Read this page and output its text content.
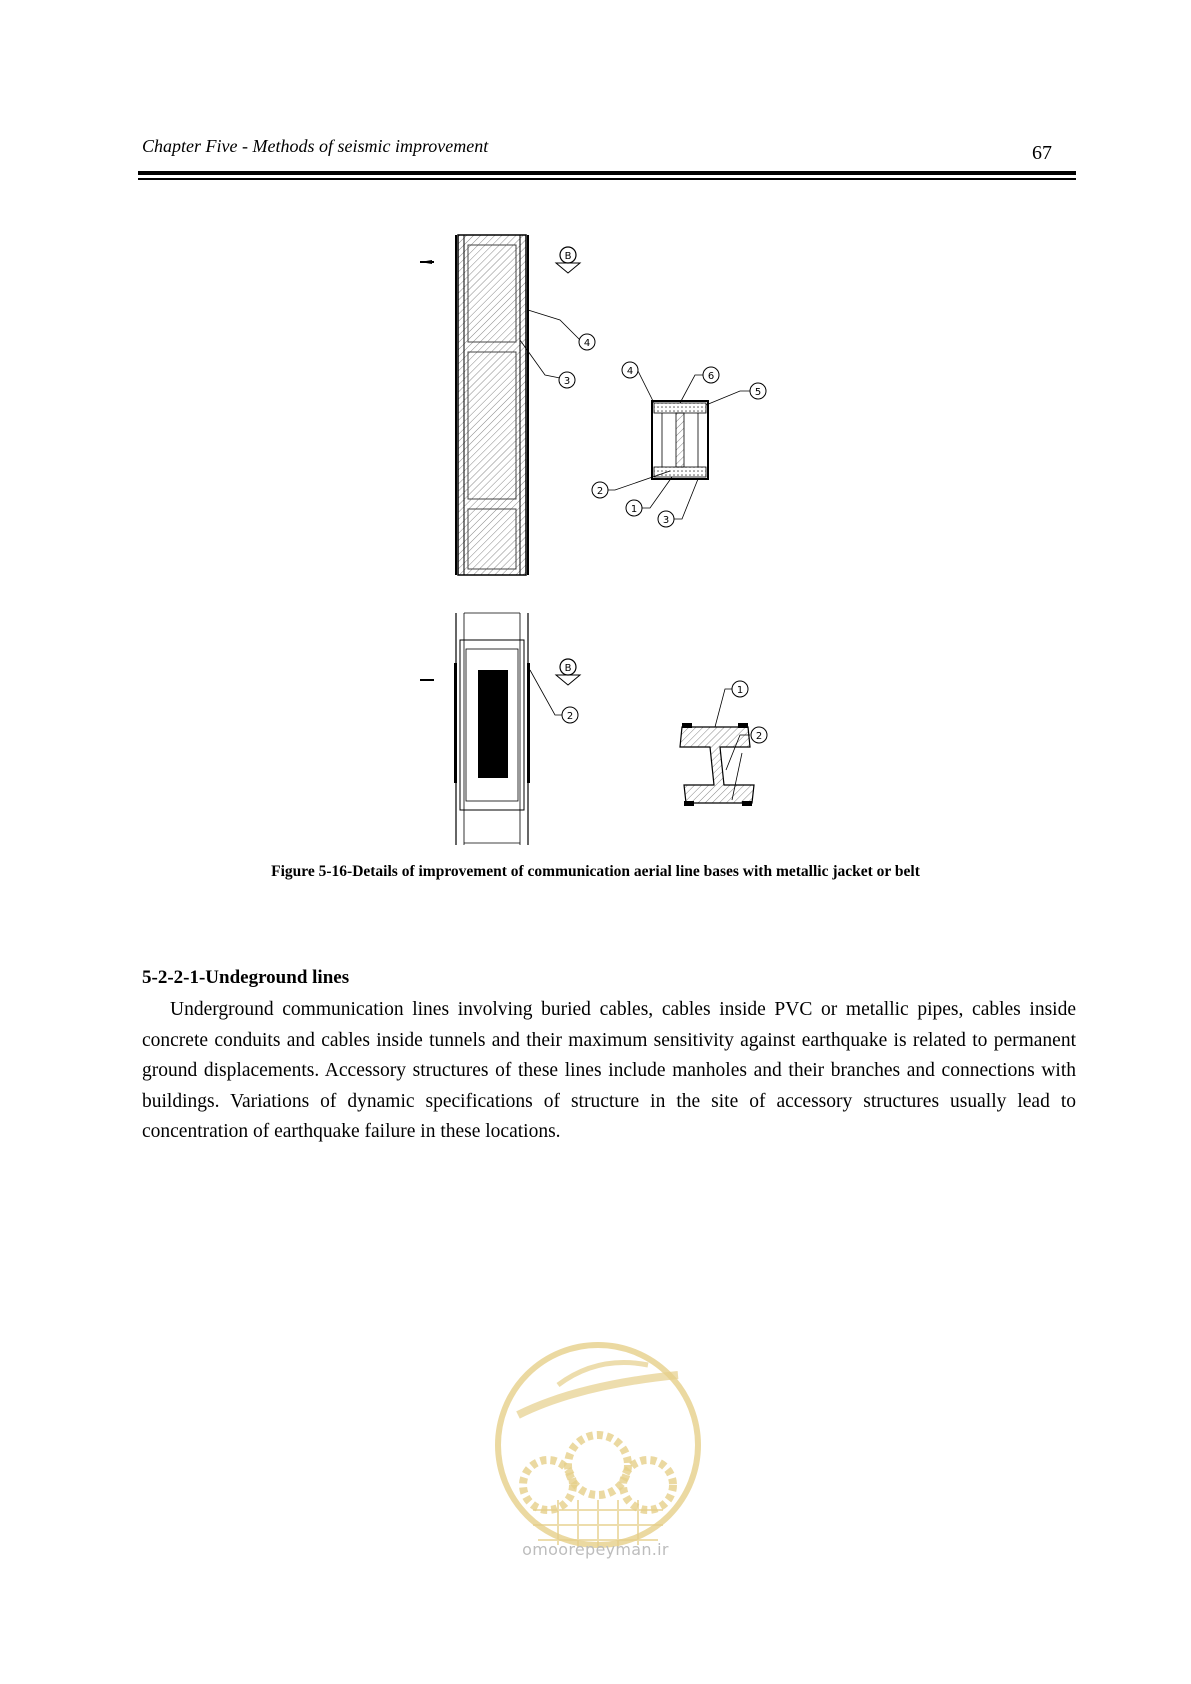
Chapter Five - Methods of seismic improvement	67
B
4
3
4	6
5
2
1
3
B
2
1
2
Figure 5-16-Details of improvement of communication aerial line bases with metallic jacket or belt
5-2-2-1-Undeground lines
Underground communication lines involving buried cables, cables inside PVC or metallic pipes, cables inside concrete conduits and cables inside tunnels and their maximum sensitivity against earthquake is related to permanent ground displacements. Accessory structures of these lines include manholes and their branches and connections with buildings. Variations of dynamic specifications of structure in the site of accessory structures usually lead to concentration of earthquake failure in these locations.
omoorepeyman.ir
